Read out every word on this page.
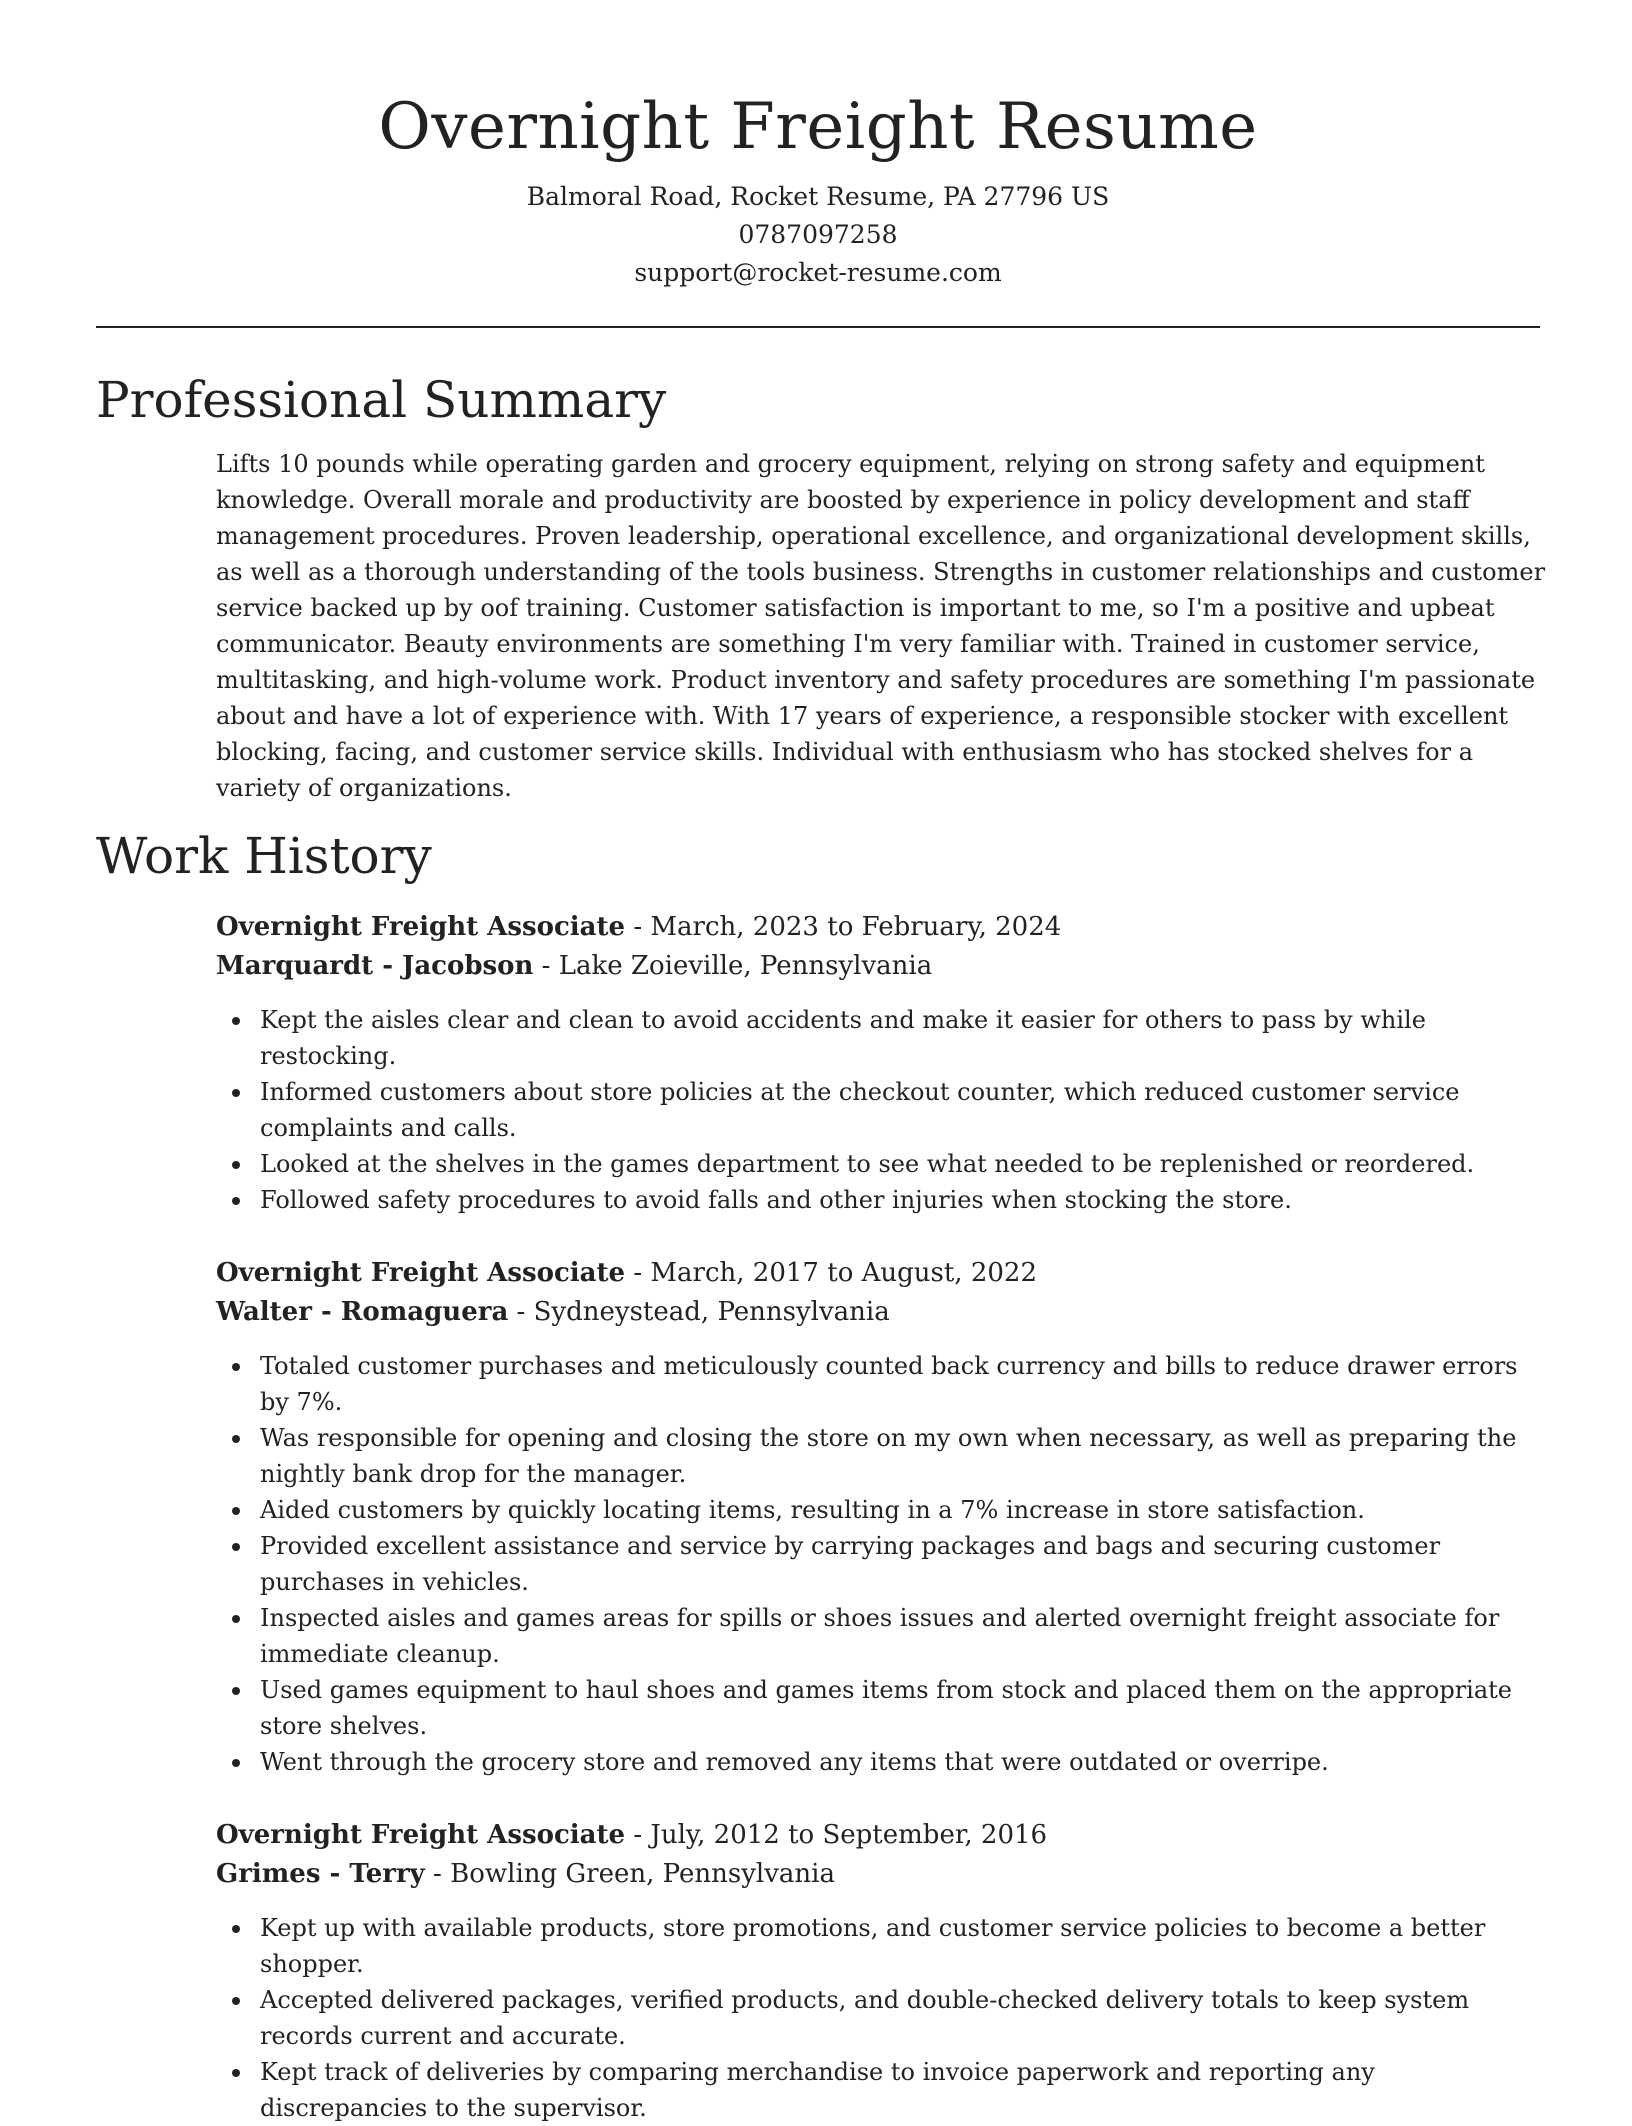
Overnight Freight Resume

Balmoral Road, Rocket Resume, PA 27796 US

0787097258

support@rocket-resume.com

Professional Summary

Lifts 10 pounds while operating garden and grocery equipment, relying on strong safety and equipment knowledge. Overall morale and productivity are boosted by experience in policy development and staff management procedures. Proven leadership, operational excellence, and organizational development skills, as well as a thorough understanding of the tools business. Strengths in customer relationships and customer service backed up by oof training. Customer satisfaction is important to me, so I'm a positive and upbeat communicator. Beauty environments are something I'm very familiar with. Trained in customer service, multitasking, and high-volume work. Product inventory and safety procedures are something I'm passionate about and have a lot of experience with. With 17 years of experience, a responsible stocker with excellent blocking, facing, and customer service skills. Individual with enthusiasm who has stocked shelves for a variety of organizations.

Work History

Overnight Freight Associate - March, 2023 to February, 2024

Marquardt - Jacobson - Lake Zoieville, Pennsylvania

Kept the aisles clear and clean to avoid accidents and make it easier for others to pass by while restocking.
Informed customers about store policies at the checkout counter, which reduced customer service complaints and calls.
Looked at the shelves in the games department to see what needed to be replenished or reordered.
Followed safety procedures to avoid falls and other injuries when stocking the store.

Overnight Freight Associate - March, 2017 to August, 2022

Walter - Romaguera - Sydneystead, Pennsylvania

Totaled customer purchases and meticulously counted back currency and bills to reduce drawer errors by 7%.
Was responsible for opening and closing the store on my own when necessary, as well as preparing the nightly bank drop for the manager.
Aided customers by quickly locating items, resulting in a 7% increase in store satisfaction.
Provided excellent assistance and service by carrying packages and bags and securing customer purchases in vehicles.
Inspected aisles and games areas for spills or shoes issues and alerted overnight freight associate for immediate cleanup.
Used games equipment to haul shoes and games items from stock and placed them on the appropriate store shelves.
Went through the grocery store and removed any items that were outdated or overripe.

Overnight Freight Associate - July, 2012 to September, 2016

Grimes - Terry - Bowling Green, Pennsylvania

Kept up with available products, store promotions, and customer service policies to become a better shopper.
Accepted delivered packages, verified products, and double-checked delivery totals to keep system records current and accurate.
Kept track of deliveries by comparing merchandise to invoice paperwork and reporting any discrepancies to the supervisor.
